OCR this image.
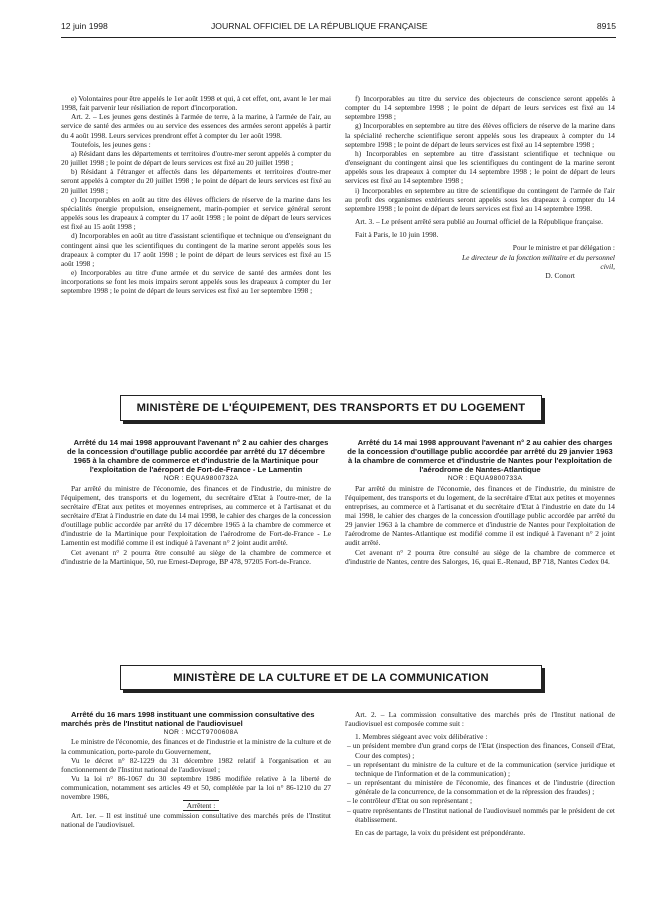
12 juin 1998	JOURNAL OFFICIEL DE LA RÉPUBLIQUE FRANÇAISE	8915

e) Volontaires pour être appelés le 1er août 1998 et qui, à cet effet, ont, avant le 1er mai 1998, fait parvenir leur résiliation de report d'incorporation.

Art. 2. – Les jeunes gens destinés à l'armée de terre, à la marine, à l'armée de l'air, au service de santé des armées ou au service des essences des armées seront appelés à partir du 4 août 1998. Leurs services prendront effet à compter du 1er août 1998.

Toutefois, les jeunes gens :

a) Résidant dans les départements et territoires d'outre-mer seront appelés à compter du 20 juillet 1998 ; le point de départ de leurs services est fixé au 20 juillet 1998 ;

b) Résidant à l'étranger et affectés dans les départements et territoires d'outre-mer seront appelés à compter du 20 juillet 1998 ; le point de départ de leurs services est fixé au 20 juillet 1998 ;

c) Incorporables en août au titre des élèves officiers de réserve de la marine dans les spécialités énergie propulsion, enseignement, marin-pompier et service général seront appelés sous les drapeaux à compter du 17 août 1998 ; le point de départ de leurs services est fixé au 15 août 1998 ;

d) Incorporables en août au titre d'assistant scientifique et technique ou d'enseignant du contingent ainsi que les scientifiques du contingent de la marine seront appelés sous les drapeaux à compter du 17 août 1998 ; le point de départ de leurs services est fixé au 15 août 1998 ;

e) Incorporables au titre d'une armée et du service de santé des armées dont les incorporations se font les mois impairs seront appelés sous les drapeaux à compter du 1er septembre 1998 ; le point de départ de leurs services est fixé au 1er septembre 1998 ;

f) Incorporables au titre du service des objecteurs de conscience seront appelés à compter du 14 septembre 1998 ; le point de départ de leurs services est fixé au 14 septembre 1998 ;

g) Incorporables en septembre au titre des élèves officiers de réserve de la marine dans la spécialité recherche scientifique seront appelés sous les drapeaux à compter du 14 septembre 1998 ; le point de départ de leurs services est fixé au 14 septembre 1998 ;

h) Incorporables en septembre au titre d'assistant scientifique et technique ou d'enseignant du contingent ainsi que les scientifiques du contingent de la marine seront appelés sous les drapeaux à compter du 14 septembre 1998 ; le point de départ de leurs services est fixé au 14 septembre 1998 ;

i) Incorporables en septembre au titre de scientifique du contingent de l'armée de l'air au profit des organismes extérieurs seront appelés sous les drapeaux à compter du 14 septembre 1998 ; le point de départ de leurs services est fixé au 14 septembre 1998.

Art. 3. – Le présent arrêté sera publié au Journal officiel de la République française.

Fait à Paris, le 10 juin 1998.

Pour le ministre et par délégation :

Le directeur de la fonction militaire et du personnel civil,

D. Conort

MINISTÈRE DE L'ÉQUIPEMENT, DES TRANSPORTS ET DU LOGEMENT

Arrêté du 14 mai 1998 approuvant l'avenant n° 2 au cahier des charges de la concession d'outillage public accordée par arrêté du 17 décembre 1965 à la chambre de commerce et d'industrie de la Martinique pour l'exploitation de l'aéroport de Fort-de-France - Le Lamentin

NOR : EQUA9800732A

Par arrêté du ministre de l'économie, des finances et de l'industrie, du ministre de l'équipement, des transports et du logement, du secrétaire d'Etat à l'outre-mer, de la secrétaire d'Etat aux petites et moyennes entreprises, au commerce et à l'artisanat et du secrétaire d'Etat à l'industrie en date du 14 mai 1998, le cahier des charges de la concession d'outillage public accordée par arrêté du 17 décembre 1965 à la chambre de commerce et d'industrie de la Martinique pour l'exploitation de l'aérodrome de Fort-de-France - Le Lamentin est modifié comme il est indiqué à l'avenant n° 2 joint audit arrêté.

Cet avenant n° 2 pourra être consulté au siège de la chambre de commerce et d'industrie de la Martinique, 50, rue Ernest-Deproge, BP 478, 97205 Fort-de-France.

Arrêté du 14 mai 1998 approuvant l'avenant n° 2 au cahier des charges de la concession d'outillage public accordée par arrêté du 29 janvier 1963 à la chambre de commerce et d'industrie de Nantes pour l'exploitation de l'aérodrome de Nantes-Atlantique

NOR : EQUA9800733A

Par arrêté du ministre de l'économie, des finances et de l'industrie, du ministre de l'équipement, des transports et du logement, de la secrétaire d'Etat aux petites et moyennes entreprises, au commerce et à l'artisanat et du secrétaire d'Etat à l'industrie en date du 14 mai 1998, le cahier des charges de la concession d'outillage public accordée par arrêté du 29 janvier 1963 à la chambre de commerce et d'industrie de Nantes pour l'exploitation de l'aérodrome de Nantes-Atlantique est modifié comme il est indiqué à l'avenant n° 2 joint audit arrêté.

Cet avenant n° 2 pourra être consulté au siège de la chambre de commerce et d'industrie de Nantes, centre des Salorges, 16, quai E.-Renaud, BP 718, Nantes Cedex 04.

MINISTÈRE DE LA CULTURE ET DE LA COMMUNICATION

Arrêté du 16 mars 1998 instituant une commission consultative des marchés près de l'Institut national de l'audiovisuel

NOR : MCCT9700608A

Le ministre de l'économie, des finances et de l'industrie et la ministre de la culture et de la communication, porte-parole du Gouvernement,

Vu le décret n° 82-1229 du 31 décembre 1982 relatif à l'organisation et au fonctionnement de l'Institut national de l'audiovisuel ;

Vu la loi n° 86-1067 du 30 septembre 1986 modifiée relative à la liberté de communication, notamment ses articles 49 et 50, complétée par la loi n° 86-1210 du 27 novembre 1986,

Arrêtent :

Art. 1er. – Il est institué une commission consultative des marchés près de l'Institut national de l'audiovisuel.

Art. 2. – La commission consultative des marchés près de l'Institut national de l'audiovisuel est composée comme suit :

1. Membres siégeant avec voix délibérative :

– un président membre d'un grand corps de l'Etat (inspection des finances, Conseil d'Etat, Cour des comptes) ;
– un représentant du ministre de la culture et de la communication (service juridique et technique de l'information et de la communication) ;
– un représentant du ministère de l'économie, des finances et de l'industrie (direction générale de la concurrence, de la consommation et de la répression des fraudes) ;
– le contrôleur d'Etat ou son représentant ;
– quatre représentants de l'Institut national de l'audiovisuel nommés par le président de cet établissement.

En cas de partage, la voix du président est prépondérante.
